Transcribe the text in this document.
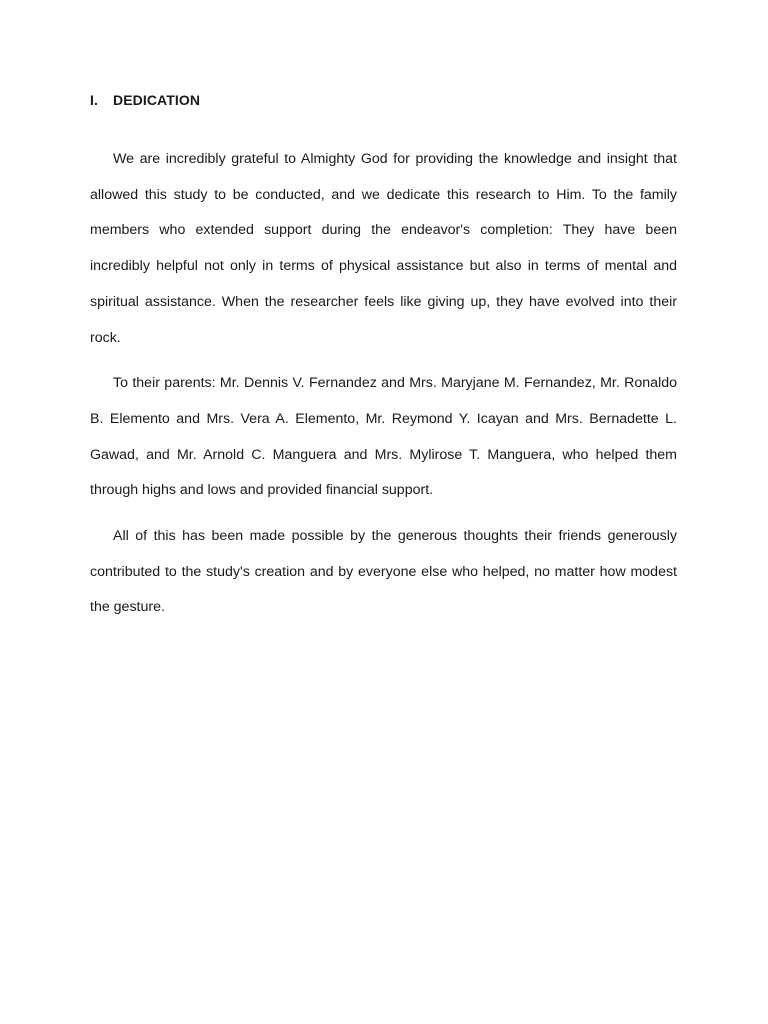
I. DEDICATION

We are incredibly grateful to Almighty God for providing the knowledge and insight that allowed this study to be conducted, and we dedicate this research to Him. To the family members who extended support during the endeavor's completion: They have been incredibly helpful not only in terms of physical assistance but also in terms of mental and spiritual assistance. When the researcher feels like giving up, they have evolved into their rock.

To their parents: Mr. Dennis V. Fernandez and Mrs. Maryjane M. Fernandez, Mr. Ronaldo B. Elemento and Mrs. Vera A. Elemento, Mr. Reymond Y. Icayan and Mrs. Bernadette L. Gawad, and Mr. Arnold C. Manguera and Mrs. Mylirose T. Manguera, who helped them through highs and lows and provided financial support.

All of this has been made possible by the generous thoughts their friends generously contributed to the study's creation and by everyone else who helped, no matter how modest the gesture.
